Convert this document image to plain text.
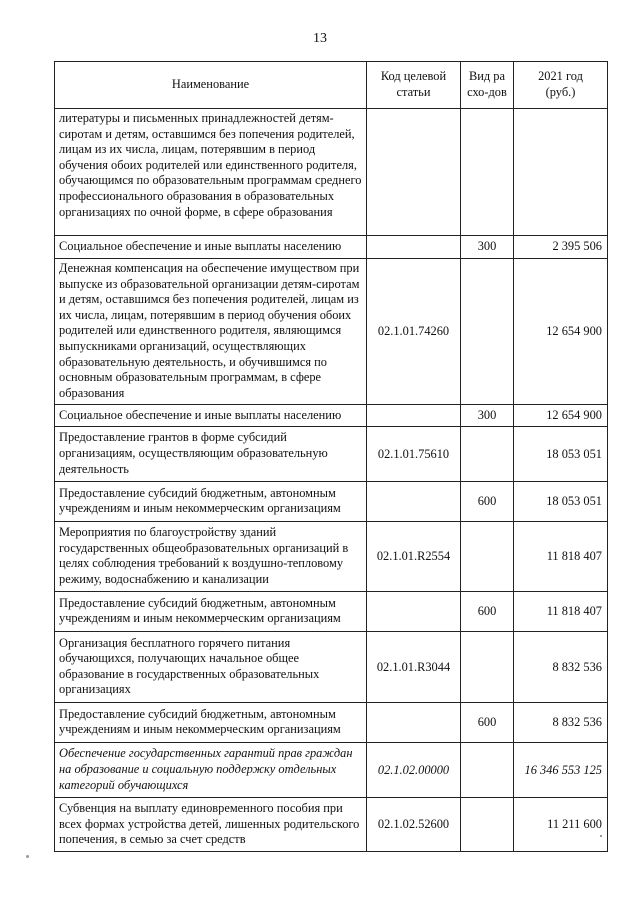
13
Наименование	Код целевой статьи	Вид расхо-дов	2021 год (руб.)

литературы и письменных принадлежностей детям-сиротам и детям, оставшимся без попечения родителей, лицам из их числа, лицам, потерявшим в период обучения обоих родителей или единственного родителя, обучающимся по образовательным программам среднего профессионального образования в образовательных организациях по очной форме, в сфере образования			
Социальное обеспечение и иные выплаты населению		300	2 395 506
Денежная компенсация на обеспечение имуществом при выпуске из образовательной организации детям-сиротам и детям, оставшимся без попечения родителей, лицам из их числа, лицам, потерявшим в период обучения обоих родителей или единственного родителя, являющимся выпускниками организаций, осуществляющих образовательную деятельность, и обучившимся по основным образовательным программам, в сфере образования	02.1.01.74260		12 654 900
Социальное обеспечение и иные выплаты населению		300	12 654 900
Предоставление грантов в форме субсидий организациям, осуществляющим образовательную деятельность	02.1.01.75610		18 053 051
Предоставление субсидий бюджетным, автономным учреждениям и иным некоммерческим организациям		600	18 053 051
Мероприятия по благоустройству зданий государственных общеобразовательных организаций в целях соблюдения требований к воздушно-тепловому режиму, водоснабжению и канализации	02.1.01.R2554		11 818 407
Предоставление субсидий бюджетным, автономным учреждениям и иным некоммерческим организациям		600	11 818 407
Организация бесплатного горячего питания обучающихся, получающих начальное общее образование в государственных образовательных организациях	02.1.01.R3044		8 832 536
Предоставление субсидий бюджетным, автономным учреждениям и иным некоммерческим организациям		600	8 832 536
Обеспечение государственных гарантий прав граждан на образование и социальную поддержку отдельных категорий обучающихся	02.1.02.00000		16 346 553 125
Субвенция на выплату единовременного пособия при всех формах устройства детей, лишенных родительского попечения, в семью за счет средств	02.1.02.52600		11 211 600
